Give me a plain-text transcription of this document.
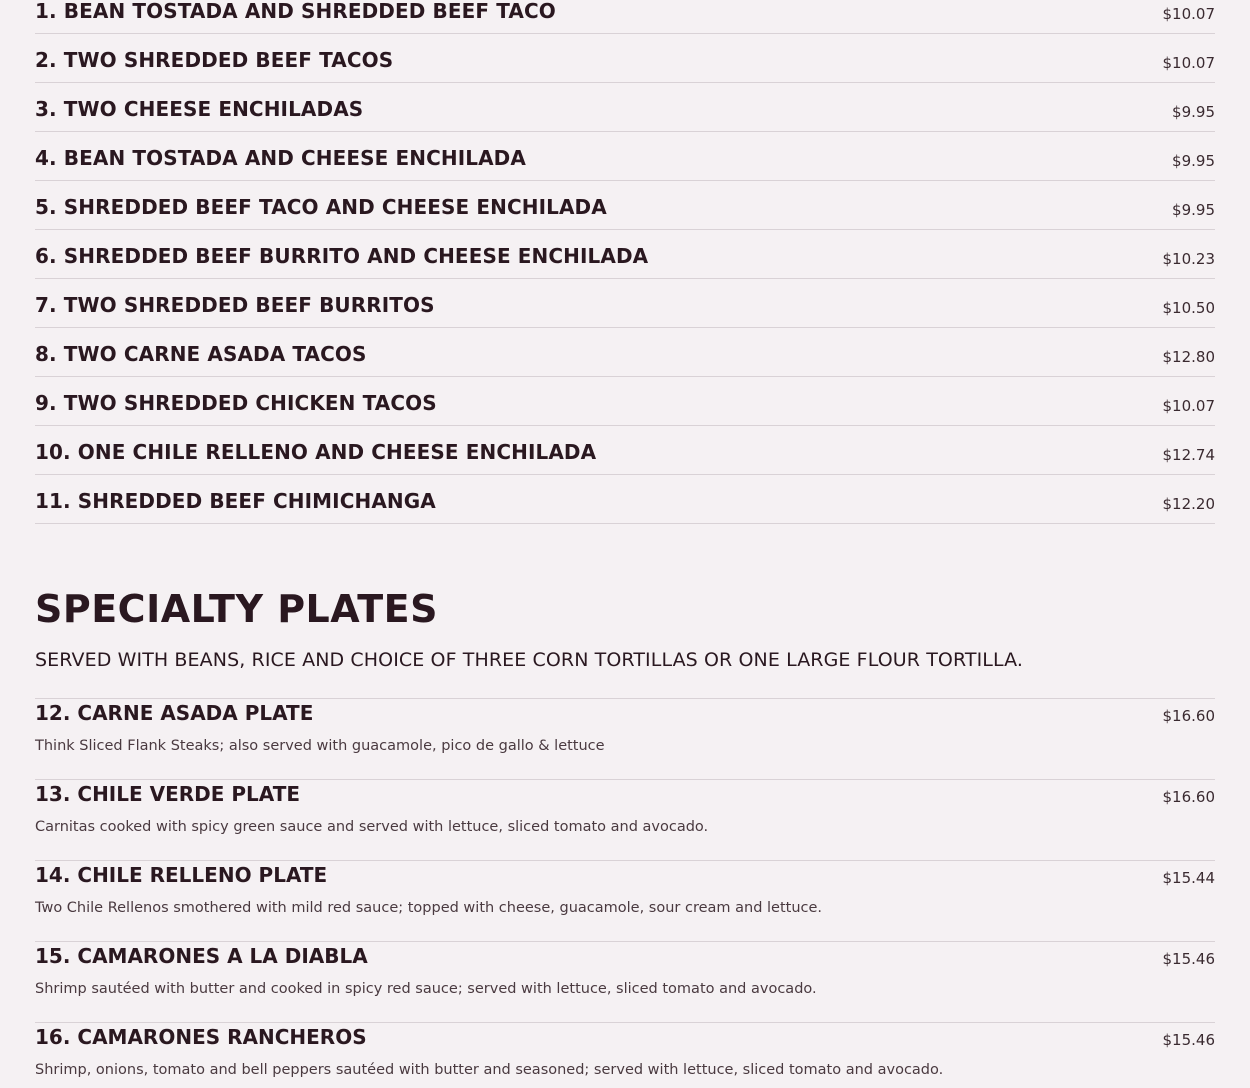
1. BEAN TOSTADA AND SHREDDED BEEF TACO	$10.07
2. TWO SHREDDED BEEF TACOS	$10.07
3. TWO CHEESE ENCHILADAS	$9.95
4. BEAN TOSTADA AND CHEESE ENCHILADA	$9.95
5. SHREDDED BEEF TACO AND CHEESE ENCHILADA	$9.95
6. SHREDDED BEEF BURRITO AND CHEESE ENCHILADA	$10.23
7. TWO SHREDDED BEEF BURRITOS	$10.50
8. TWO CARNE ASADA TACOS	$12.80
9. TWO SHREDDED CHICKEN TACOS	$10.07
10. ONE CHILE RELLENO AND CHEESE ENCHILADA	$12.74
11. SHREDDED BEEF CHIMICHANGA	$12.20
SPECIALTY PLATES
SERVED WITH BEANS, RICE AND CHOICE OF THREE CORN TORTILLAS OR ONE LARGE FLOUR TORTILLA.
12. CARNE ASADA PLATE	$16.60
Think Sliced Flank Steaks; also served with guacamole, pico de gallo & lettuce
13. CHILE VERDE PLATE	$16.60
Carnitas cooked with spicy green sauce and served with lettuce, sliced tomato and avocado.
14. CHILE RELLENO PLATE	$15.44
Two Chile Rellenos smothered with mild red sauce; topped with cheese, guacamole, sour cream and lettuce.
15. CAMARONES A LA DIABLA	$15.46
Shrimp sautéed with butter and cooked in spicy red sauce; served with lettuce, sliced tomato and avocado.
16. CAMARONES RANCHEROS	$15.46
Shrimp, onions, tomato and bell peppers sautéed with butter and seasoned; served with lettuce, sliced tomato and avocado.
